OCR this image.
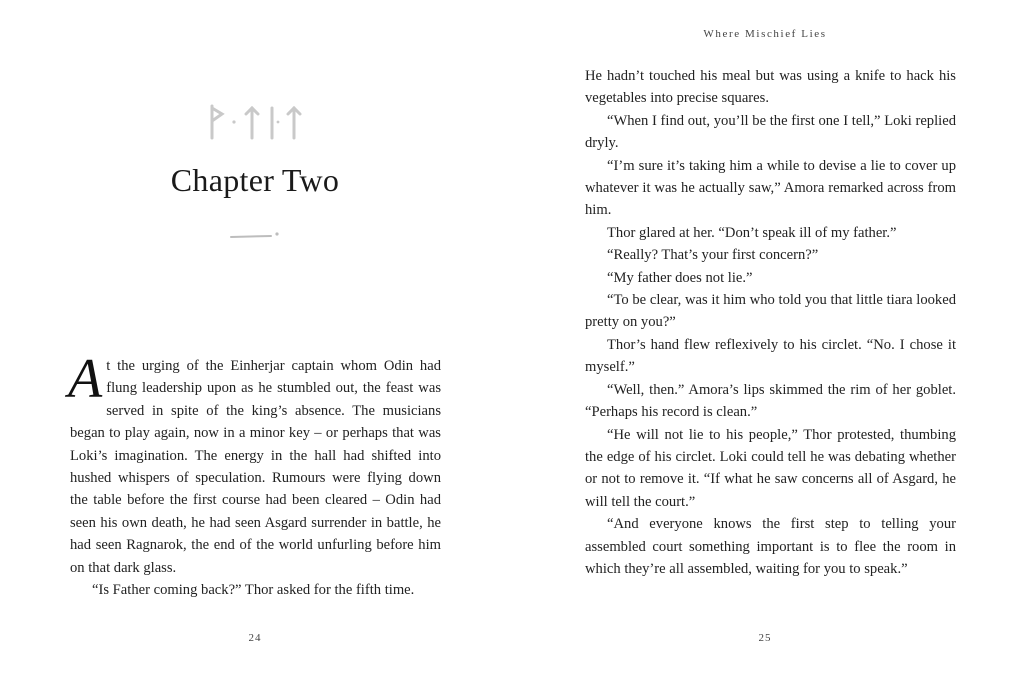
Chapter Two

At the urging of the Einherjar captain whom Odin had flung leadership upon as he stumbled out, the feast was served in spite of the king’s absence. The musicians began to play again, now in a minor key – or perhaps that was Loki’s imagination. The energy in the hall had shifted into hushed whispers of speculation. Rumours were flying down the table before the first course had been cleared – Odin had seen his own death, he had seen Asgard surrender in battle, he had seen Ragnarok, the end of the world unfurling before him on that dark glass.

“Is Father coming back?” Thor asked for the fifth time.

24
Where Mischief Lies

He hadn’t touched his meal but was using a knife to hack his vegetables into precise squares.

“When I find out, you’ll be the first one I tell,” Loki replied dryly.

“I’m sure it’s taking him a while to devise a lie to cover up whatever it was he actually saw,” Amora remarked across from him.

Thor glared at her. “Don’t speak ill of my father.”

“Really? That’s your first concern?”

“My father does not lie.”

“To be clear, was it him who told you that little tiara looked pretty on you?”

Thor’s hand flew reflexively to his circlet. “No. I chose it myself.”

“Well, then.” Amora’s lips skimmed the rim of her goblet. “Perhaps his record is clean.”

“He will not lie to his people,” Thor protested, thumbing the edge of his circlet. Loki could tell he was debating whether or not to remove it. “If what he saw concerns all of Asgard, he will tell the court.”

“And everyone knows the first step to telling your assembled court something important is to flee the room in which they’re all assembled, waiting for you to speak.”

25
